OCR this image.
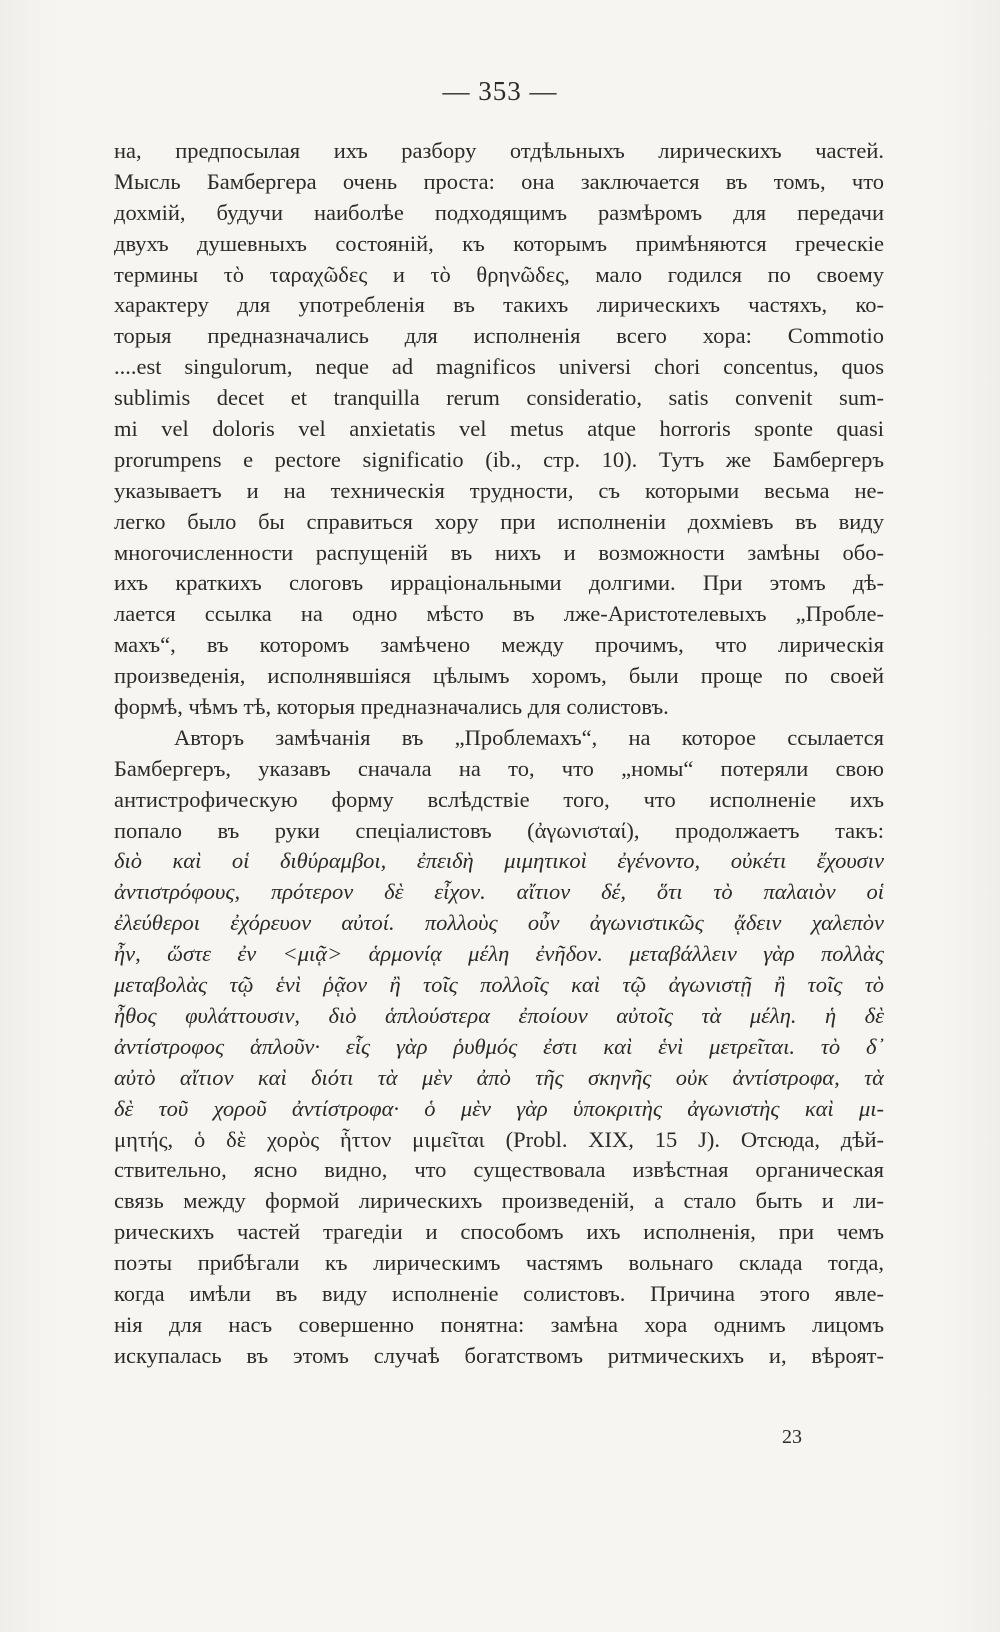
— 353 —
на, предпосылая ихъ разбору отдѣльныхъ лирическихъ частей.
Мысль Бамбергера очень проста: она заключается въ томъ, что
дохмій, будучи наиболѣе подходящимъ размѣромъ для передачи
двухъ душевныхъ состояній, къ которымъ примѣняются греческіе
термины τὸ ταραχῶδες и τὸ θρηνῶδες, мало годился по своему
характеру для употребленія въ такихъ лирическихъ частяхъ, ко-
торыя предназначались для исполненія всего хора: Commotio
....est singulorum, neque ad magnificos universi chori concentus, quos
sublimis decet et tranquilla rerum consideratio, satis convenit sum-
mi vel doloris vel anxietatis vel metus atque horroris sponte quasi
prorumpens e pectore significatio (ib., стр. 10). Тутъ же Бамбергеръ
указываетъ и на техническія трудности, съ которыми весьма не-
легко было бы справиться хору при исполненіи дохміевъ въ виду
многочисленности распущеній въ нихъ и возможности замѣны обо-
ихъ краткихъ слоговъ ирраціональными долгими. При этомъ дѣ-
лается ссылка на одно мѣсто въ лже-Аристотелевыхъ „Пробле-
махъ“, въ которомъ замѣчено между прочимъ, что лирическія
произведенія, исполнявшіяся цѣлымъ хоромъ, были проще по своей
формѣ, чѣмъ тѣ, которыя предназначались для солистовъ.
Авторъ замѣчанія въ „Проблемахъ“, на которое ссылается
Бамбергеръ, указавъ сначала на то, что „номы“ потеряли свою
антистрофическую форму вслѣдствіе того, что исполненіе ихъ
попало въ руки спеціалистовъ (ἀγωνισταί), продолжаетъ такъ:
διὸ καὶ οἱ διθύραμβοι, ἐπειδὴ μιμητικοὶ ἐγένοντο, οὐκέτι ἔχουσιν
ἀντιστρόφους, πρότερον δὲ εἶχον. αἴτιον δέ, ὅτι τὸ παλαιὸν οἱ
ἐλεύθεροι ἐχόρευον αὐτοί. πολλοὺς οὖν ἀγωνιστικῶς ᾄδειν χαλεπὸν
ἦν, ὥστε ἐν <μιᾷ> ἁρμονίᾳ μέλη ἐνῆδον. μεταβάλλειν γὰρ πολλὰς
μεταβολὰς τῷ ἑνὶ ῥᾷον ἢ τοῖς πολλοῖς καὶ τῷ ἀγωνιστῇ ἢ τοῖς τὸ
ἦθος φυλάττουσιν, διὸ ἁπλούστερα ἐποίουν αὐτοῖς τὰ μέλη. ἡ δὲ
ἀντίστροφος ἁπλοῦν· εἷς γὰρ ῥυθμός ἐστι καὶ ἑνὶ μετρεῖται. τὸ δ᾽
αὐτὸ αἴτιον καὶ διότι τὰ μὲν ἀπὸ τῆς σκηνῆς οὐκ ἀντίστροφα, τὰ
δὲ τοῦ χοροῦ ἀντίστροφα· ὁ μὲν γὰρ ὑποκριτὴς ἀγωνιστὴς καὶ μι-
μητής, ὁ δὲ χορὸς ἧττον μιμεῖται (Probl. XIX, 15 J). Отсюда, дѣй-
ствительно, ясно видно, что существовала извѣстная органическая
связь между формой лирическихъ произведеній, а стало быть и ли-
рическихъ частей трагедіи и способомъ ихъ исполненія, при чемъ
поэты прибѣгали къ лирическимъ частямъ вольнаго склада тогда,
когда имѣли въ виду исполненіе солистовъ. Причина этого явле-
нія для насъ совершенно понятна: замѣна хора однимъ лицомъ
искупалась въ этомъ случаѣ богатствомъ ритмическихъ и, вѣроят-
23
